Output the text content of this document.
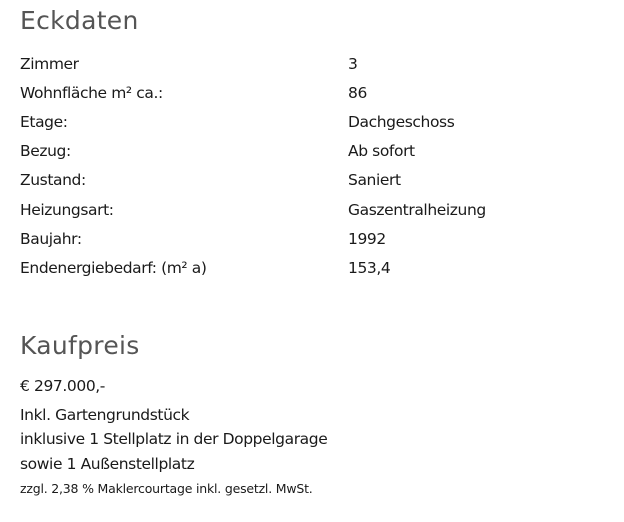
Eckdaten
Zimmer	3
Wohnfläche m² ca.:	86
Etage:	Dachgeschoss
Bezug:	Ab sofort
Zustand:	Saniert
Heizungsart:	Gaszentralheizung
Baujahr:	1992
Endenergiebedarf: (m² a)	153,4
Kaufpreis
€ 297.000,-
Inkl. Gartengrundstück
inklusive 1 Stellplatz in der Doppelgarage
sowie 1 Außenstellplatz
zzgl. 2,38 % Maklercourtage inkl. gesetzl. MwSt.
